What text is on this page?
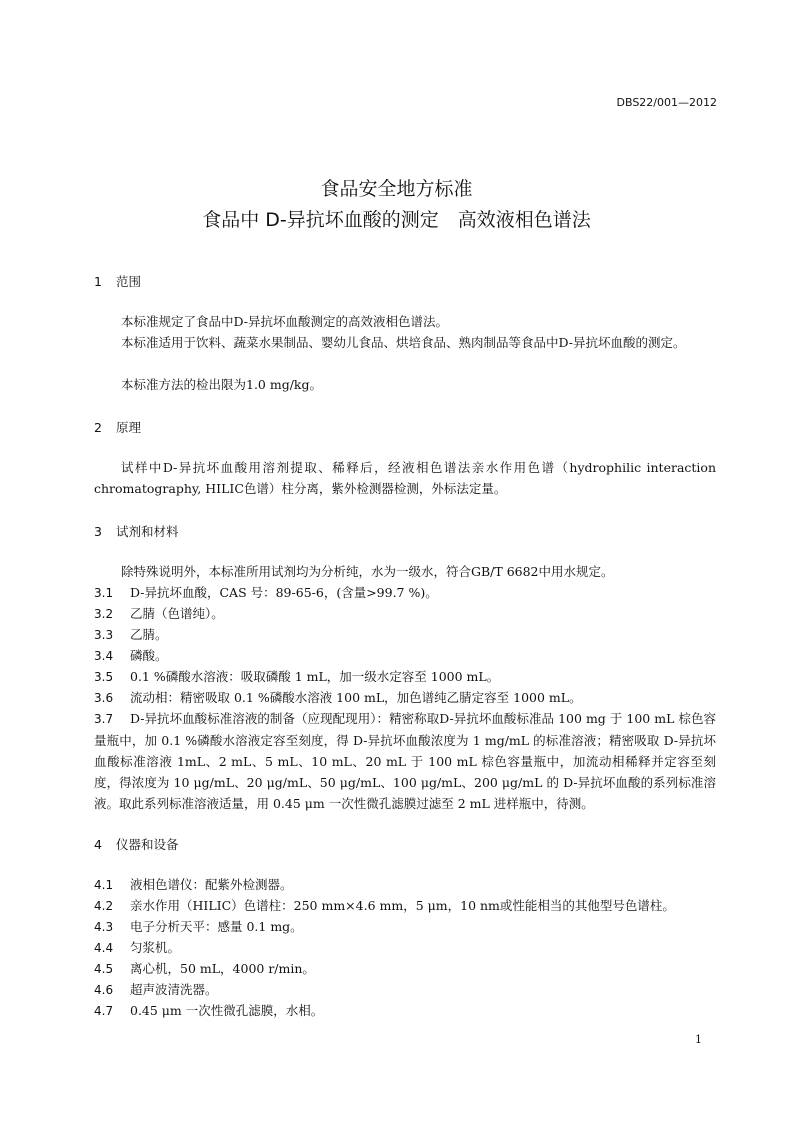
DBS22/001—2012
食品安全地方标准
食品中 D-异抗坏血酸的测定　高效液相色谱法
1 范围
本标准规定了食品中D-异抗坏血酸测定的高效液相色谱法。
本标准适用于饮料、蔬菜水果制品、婴幼儿食品、烘培食品、熟肉制品等食品中D-异抗坏血酸的测定。
本标准方法的检出限为1.0 mg/kg。
2 原理
试样中D-异抗坏血酸用溶剂提取、稀释后，经液相色谱法亲水作用色谱（hydrophilic interaction chromatography, HILIC色谱）柱分离，紫外检测器检测，外标法定量。
3 试剂和材料
除特殊说明外，本标准所用试剂均为分析纯，水为一级水，符合GB/T 6682中用水规定。
3.1 D-异抗坏血酸，CAS 号：89-65-6，(含量>99.7 %)。
3.2 乙腈（色谱纯）。
3.3 乙腈。
3.4 磷酸。
3.5 0.1 %磷酸水溶液：吸取磷酸 1 mL，加一级水定容至 1000 mL。
3.6 流动相：精密吸取 0.1 %磷酸水溶液 100 mL，加色谱纯乙腈定容至 1000 mL。
3.7 D-异抗坏血酸标准溶液的制备（应现配现用）：精密称取D-异抗坏血酸标准品 100 mg 于 100 mL 棕色容量瓶中，加 0.1 %磷酸水溶液定容至刻度，得 D-异抗坏血酸浓度为 1 mg/mL 的标准溶液；精密吸取 D-异抗坏血酸标准溶液 1mL、2 mL、5 mL、10 mL、20 mL 于 100 mL 棕色容量瓶中，加流动相稀释并定容至刻度，得浓度为 10 μg/mL、20 μg/mL、50 μg/mL、100 μg/mL、200 μg/mL 的 D-异抗坏血酸的系列标准溶液。取此系列标准溶液适量，用 0.45 μm 一次性微孔滤膜过滤至 2 mL 进样瓶中，待测。
4 仪器和设备
4.1 液相色谱仪：配紫外检测器。
4.2 亲水作用（HILIC）色谱柱：250 mm×4.6 mm，5 μm，10 nm或性能相当的其他型号色谱柱。
4.3 电子分析天平：感量 0.1 mg。
4.4 匀浆机。
4.5 离心机，50 mL，4000 r/min。
4.6 超声波清洗器。
4.7 0.45 μm 一次性微孔滤膜，水相。
1
